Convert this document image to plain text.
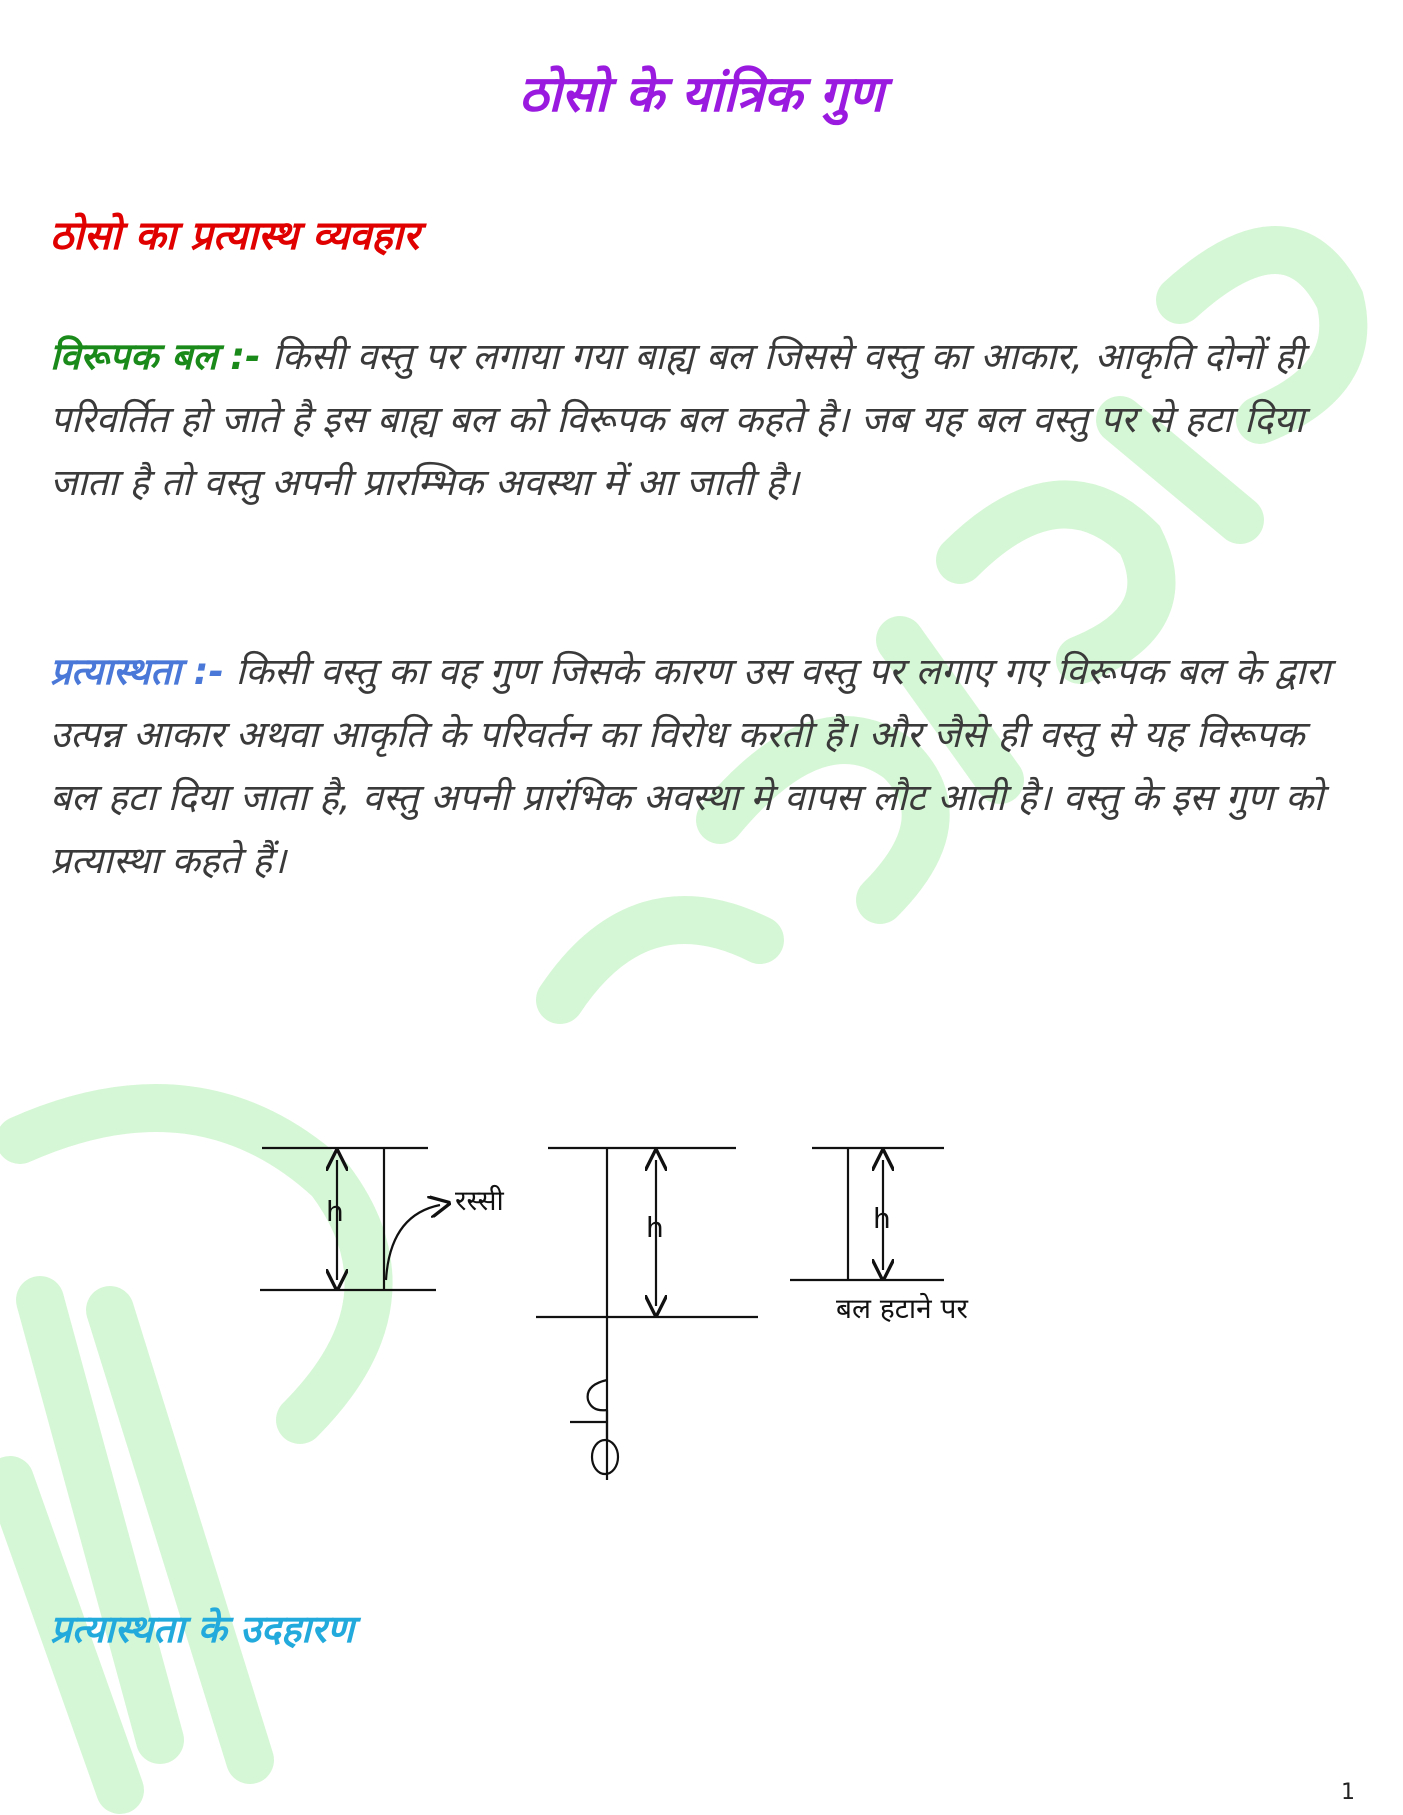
ठोसो के यांत्रिक गुण
ठोसो का प्रत्यास्थ व्यवहार

विरूपक बल :- किसी वस्तु पर लगाया गया बाह्य बल जिससे वस्तु का आकार, आकृति दोनों ही परिवर्तित हो जाते है इस बाह्य बल को विरूपक बल कहते है। जब यह बल वस्तु पर से हटा दिया जाता है तो वस्तु अपनी प्रारम्भिक अवस्था में आ जाती है।

प्रत्यास्थता :- किसी वस्तु का वह गुण जिसके कारण उस वस्तु पर लगाए गए विरूपक बल के द्वारा उत्पन्न आकार अथवा आकृति के परिवर्तन का विरोध करती है। और जैसे ही वस्तु से यह विरूपक बल हटा दिया जाता है, वस्तु अपनी प्रारंभिक अवस्था मे वापस लौट आती है। वस्तु के इस गुण को प्रत्यास्था कहते हैं।

h	रस्सी
h	h
बल हटाने पर
प्रत्यास्थता के उदहारण

1
